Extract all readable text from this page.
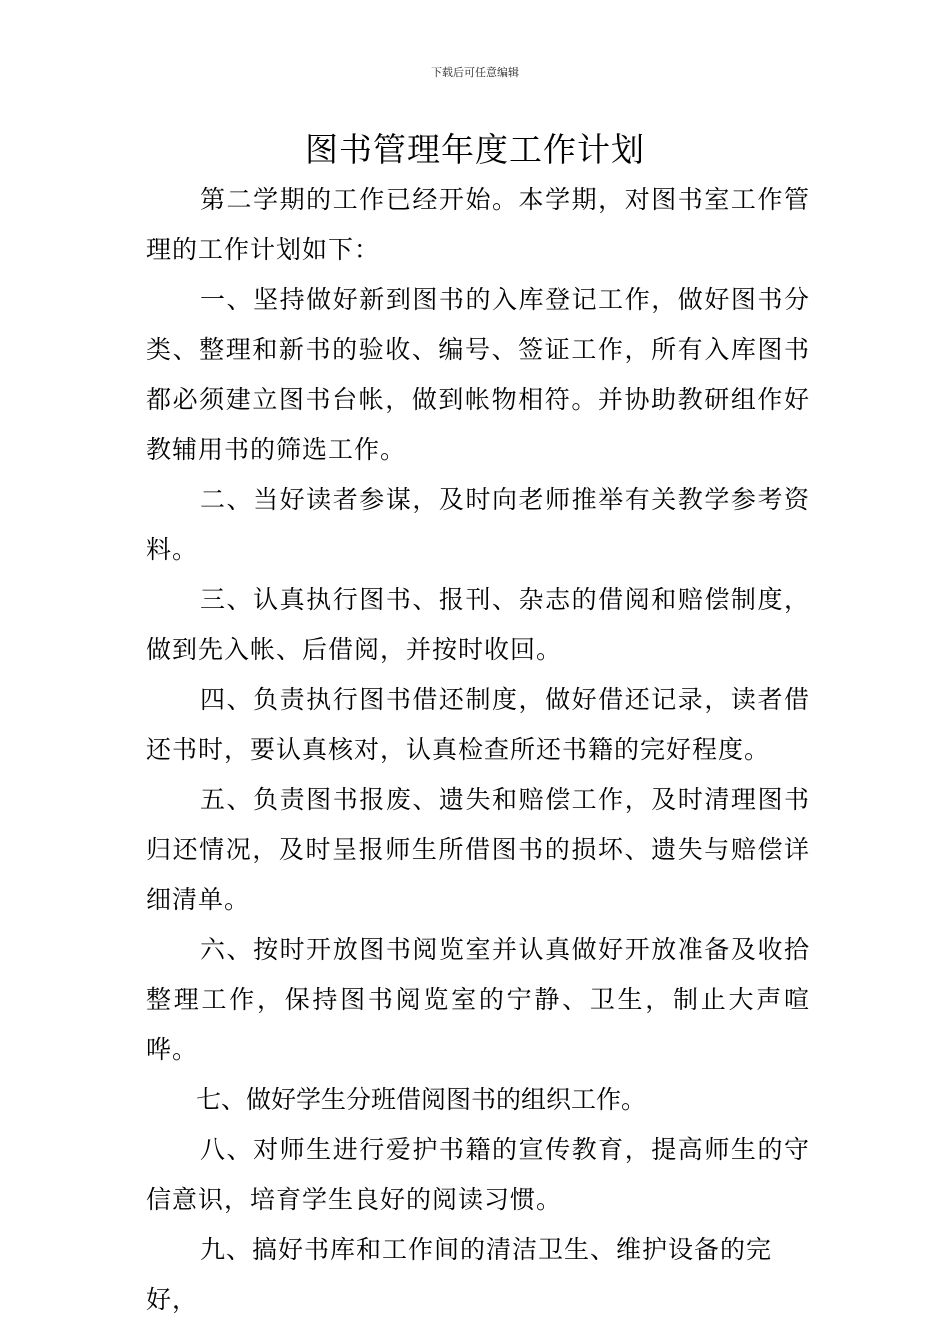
下载后可任意编辑
图书管理年度工作计划

第二学期的工作已经开始。本学期，对图书室工作管理的工作计划如下：

一、坚持做好新到图书的入库登记工作，做好图书分类、整理和新书的验收、编号、签证工作，所有入库图书都必须建立图书台帐，做到帐物相符。并协助教研组作好教辅用书的筛选工作。

二、当好读者参谋，及时向老师推举有关教学参考资料。

三、认真执行图书、报刊、杂志的借阅和赔偿制度，做到先入帐、后借阅，并按时收回。

四、负责执行图书借还制度，做好借还记录，读者借还书时，要认真核对，认真检查所还书籍的完好程度。

五、负责图书报废、遗失和赔偿工作，及时清理图书归还情况，及时呈报师生所借图书的损坏、遗失与赔偿详细清单。

六、按时开放图书阅览室并认真做好开放准备及收拾整理工作，保持图书阅览室的宁静、卫生，制止大声喧哗。

七、做好学生分班借阅图书的组织工作。

八、对师生进行爱护书籍的宣传教育，提高师生的守信意识，培育学生良好的阅读习惯。

九、搞好书库和工作间的清洁卫生、维护设备的完好，
